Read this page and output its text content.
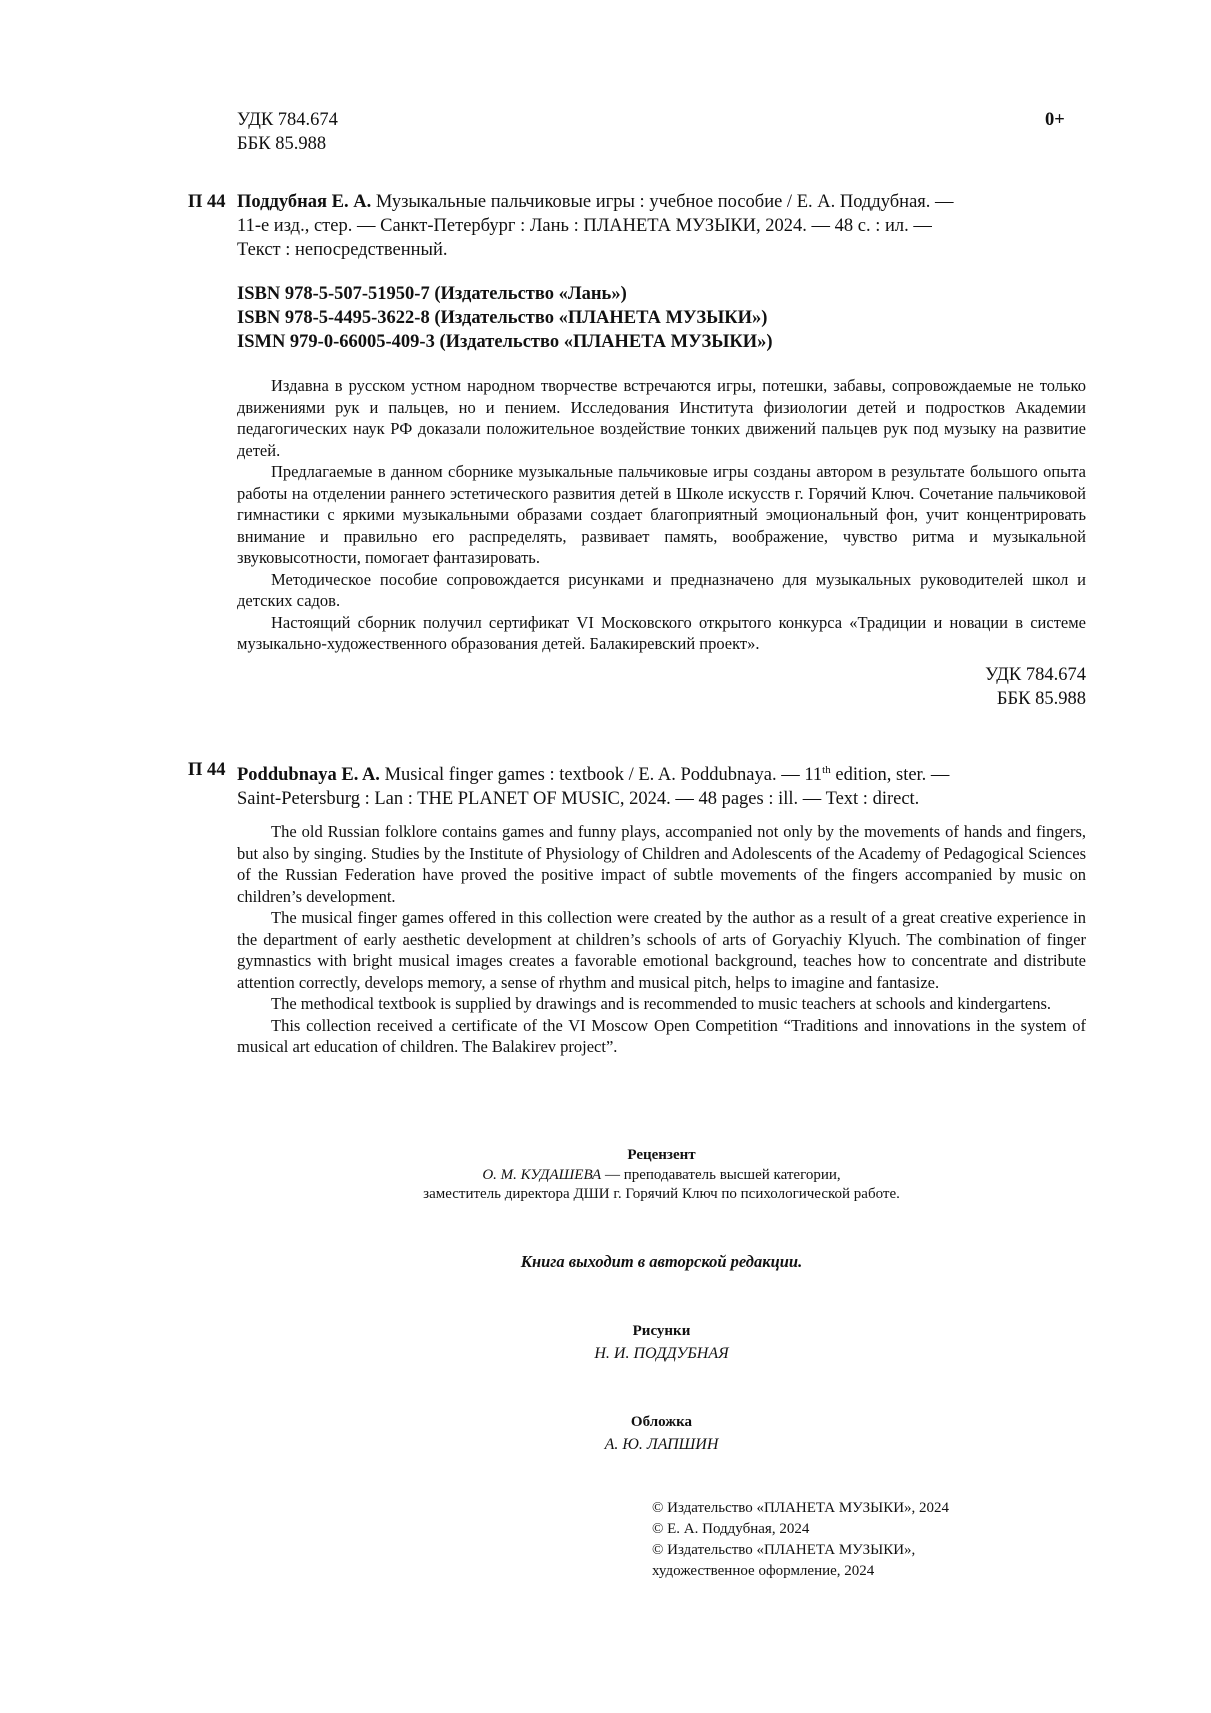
УДК 784.674
ББК 85.988
0+
П 44 Поддубная Е. А. Музыкальные пальчиковые игры : учебное пособие / Е. А. Поддубная. —
11-е изд., стер. — Санкт-Петербург : Лань : ПЛАНЕТА МУЗЫКИ, 2024. — 48 с. : ил. —
Текст : непосредственный.
ISBN 978-5-507-51950-7 (Издательство «Лань»)
ISBN 978-5-4495-3622-8 (Издательство «ПЛАНЕТА МУЗЫКИ»)
ISMN 979-0-66005-409-3 (Издательство «ПЛАНЕТА МУЗЫКИ»)

Издавна в русском устном народном творчестве встречаются игры, потешки, забавы, сопровождаемые не только движениями рук и пальцев, но и пением. Исследования Института физиологии детей и подростков Академии педагогических наук РФ доказали положительное воздействие тонких движений пальцев рук под музыку на развитие детей.

Предлагаемые в данном сборнике музыкальные пальчиковые игры созданы автором в результате большого опыта работы на отделении раннего эстетического развития детей в Школе искусств г. Горячий Ключ. Сочетание пальчиковой гимнастики с яркими музыкальными образами создает благоприятный эмоциональный фон, учит концентрировать внимание и правильно его распределять, развивает память, воображение, чувство ритма и музыкальной звуковысотности, помогает фантазировать.

Методическое пособие сопровождается рисунками и предназначено для музыкальных руководителей школ и детских садов.

Настоящий сборник получил сертификат VI Московского открытого конкурса «Традиции и новации в системе музыкально-художественного образования детей. Балакиревский проект».

УДК 784.674
ББК 85.988
П 44 Poddubnaya E. A. Musical finger games : textbook / E. A. Poddubnaya. — 11th edition, ster. —
Saint-Petersburg : Lan : THE PLANET OF MUSIC, 2024. — 48 pages : ill. — Text : direct.

The old Russian folklore contains games and funny plays, accompanied not only by the movements of hands and fingers, but also by singing. Studies by the Institute of Physiology of Children and Adolescents of the Academy of Pedagogical Sciences of the Russian Federation have proved the positive impact of subtle movements of the fingers accompanied by music on children’s development.

The musical finger games offered in this collection were created by the author as a result of a great creative experience in the department of early aesthetic development at children’s schools of arts of Goryachiy Klyuch. The combination of finger gymnastics with bright musical images creates a favorable emotional background, teaches how to concentrate and distribute attention correctly, develops memory, a sense of rhythm and musical pitch, helps to imagine and fantasize.

The methodical textbook is supplied by drawings and is recommended to music teachers at schools and kindergartens.

This collection received a certificate of the VI Moscow Open Competition “Traditions and innovations in the system of musical art education of children. The Balakirev project”.

Рецензент
О. М. КУДАШЕВА — преподаватель высшей категории,
заместитель директора ДШИ г. Горячий Ключ по психологической работе.
Книга выходит в авторской редакции.
Рисунки
Н. И. ПОДДУБНАЯ
Обложка
А. Ю. ЛАПШИН
© Издательство «ПЛАНЕТА МУЗЫКИ», 2024
© Е. А. Поддубная, 2024
© Издательство «ПЛАНЕТА МУЗЫКИ»,
художественное оформление, 2024
